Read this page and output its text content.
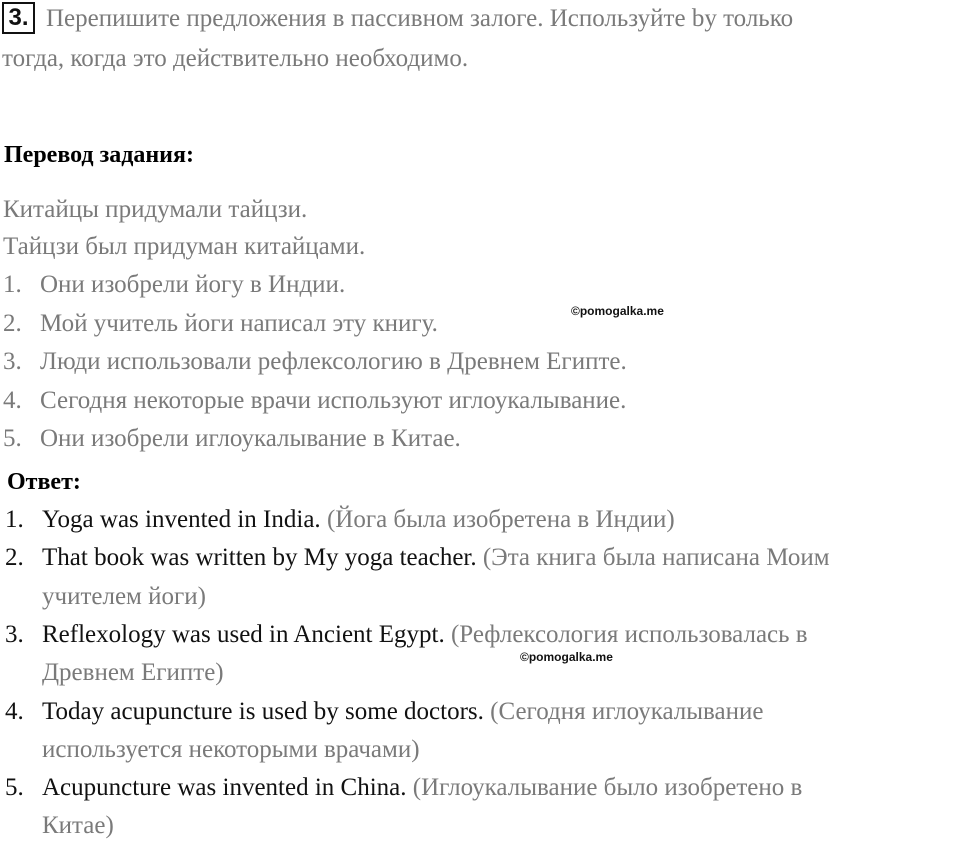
3. Перепишите предложения в пассивном залоге. Используйте by только
тогда, когда это действительно необходимо.
Перевод задания:
Китайцы придумали тайцзи.
Тайцзи был придуман китайцами.
1. Они изобрели йогу в Индии.
2. Мой учитель йоги написал эту книгу.
3. Люди использовали рефлексологию в Древнем Египте.
4. Сегодня некоторые врачи используют иглоукалывание.
5. Они изобрели иглоукалывание в Китае.
©pomogalka.me
Ответ:
1. Yoga was invented in India. (Йога была изобретена в Индии)
2. That book was written by My yoga teacher. (Эта книга была написана Моим
учителем йоги)
3. Reflexology was used in Ancient Egypt. (Рефлексология использовалась в
Древнем Египте)
4. Today acupuncture is used by some doctors. (Сегодня иглоукалывание
используется некоторыми врачами)
5. Acupuncture was invented in China. (Иглоукалывание было изобретено в
Китае)
©pomogalka.me
